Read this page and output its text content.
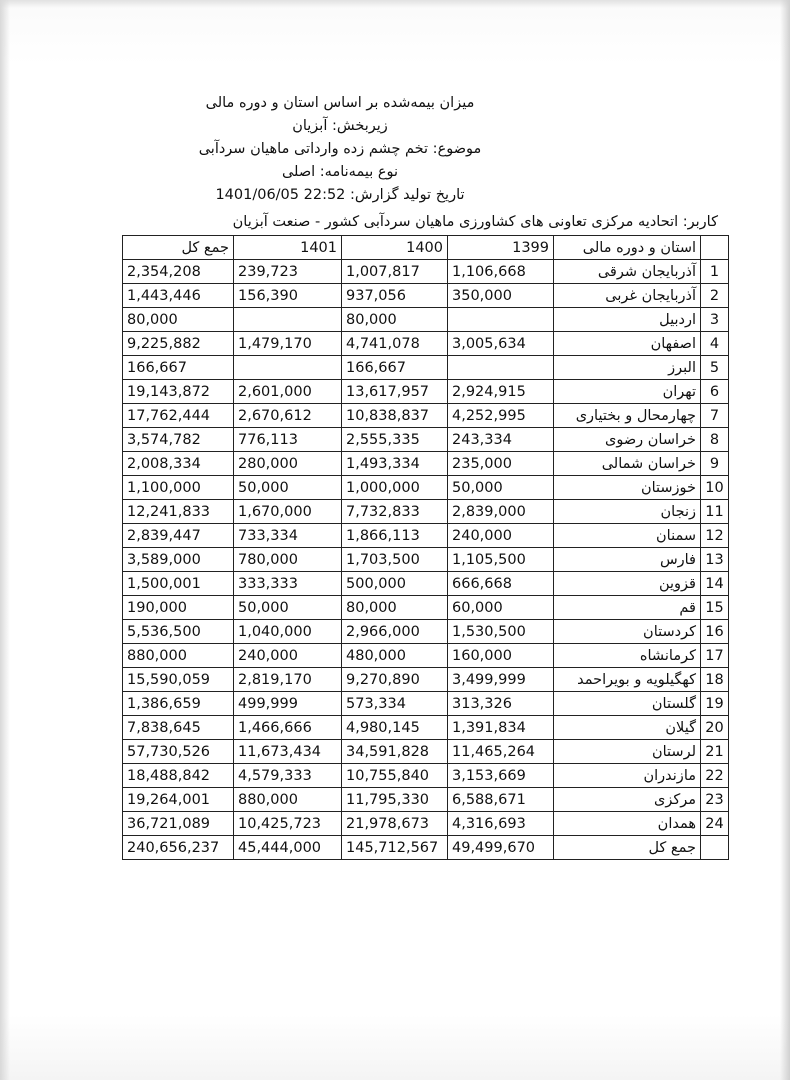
میزان بیمه‌شده بر اساس استان و دوره مالی
زیربخش: آبزیان
موضوع: تخم چشم زده وارداتی ماهیان سردآبی
نوع بیمه‌نامه: اصلی
تاریخ تولید گزارش: 1401/06/05 22:52
کاربر: اتحادیه مرکزی تعاونی های کشاورزی ماهیان سردآبی کشور - صنعت آبزیان
	استان و دوره مالی	1399	1400	1401	جمع کل
1	آذربایجان شرقی	1,106,668	1,007,817	239,723	2,354,208
2	آذربایجان غربی	350,000	937,056	156,390	1,443,446
3	اردبیل		80,000		80,000
4	اصفهان	3,005,634	4,741,078	1,479,170	9,225,882
5	البرز		166,667		166,667
6	تهران	2,924,915	13,617,957	2,601,000	19,143,872
7	چهارمحال و بختیاری	4,252,995	10,838,837	2,670,612	17,762,444
8	خراسان رضوی	243,334	2,555,335	776,113	3,574,782
9	خراسان شمالی	235,000	1,493,334	280,000	2,008,334
10	خوزستان	50,000	1,000,000	50,000	1,100,000
11	زنجان	2,839,000	7,732,833	1,670,000	12,241,833
12	سمنان	240,000	1,866,113	733,334	2,839,447
13	فارس	1,105,500	1,703,500	780,000	3,589,000
14	قزوین	666,668	500,000	333,333	1,500,001
15	قم	60,000	80,000	50,000	190,000
16	کردستان	1,530,500	2,966,000	1,040,000	5,536,500
17	کرمانشاه	160,000	480,000	240,000	880,000
18	کهگیلویه و بویراحمد	3,499,999	9,270,890	2,819,170	15,590,059
19	گلستان	313,326	573,334	499,999	1,386,659
20	گیلان	1,391,834	4,980,145	1,466,666	7,838,645
21	لرستان	11,465,264	34,591,828	11,673,434	57,730,526
22	مازندران	3,153,669	10,755,840	4,579,333	18,488,842
23	مرکزی	6,588,671	11,795,330	880,000	19,264,001
24	همدان	4,316,693	21,978,673	10,425,723	36,721,089
	جمع کل	49,499,670	145,712,567	45,444,000	240,656,237
